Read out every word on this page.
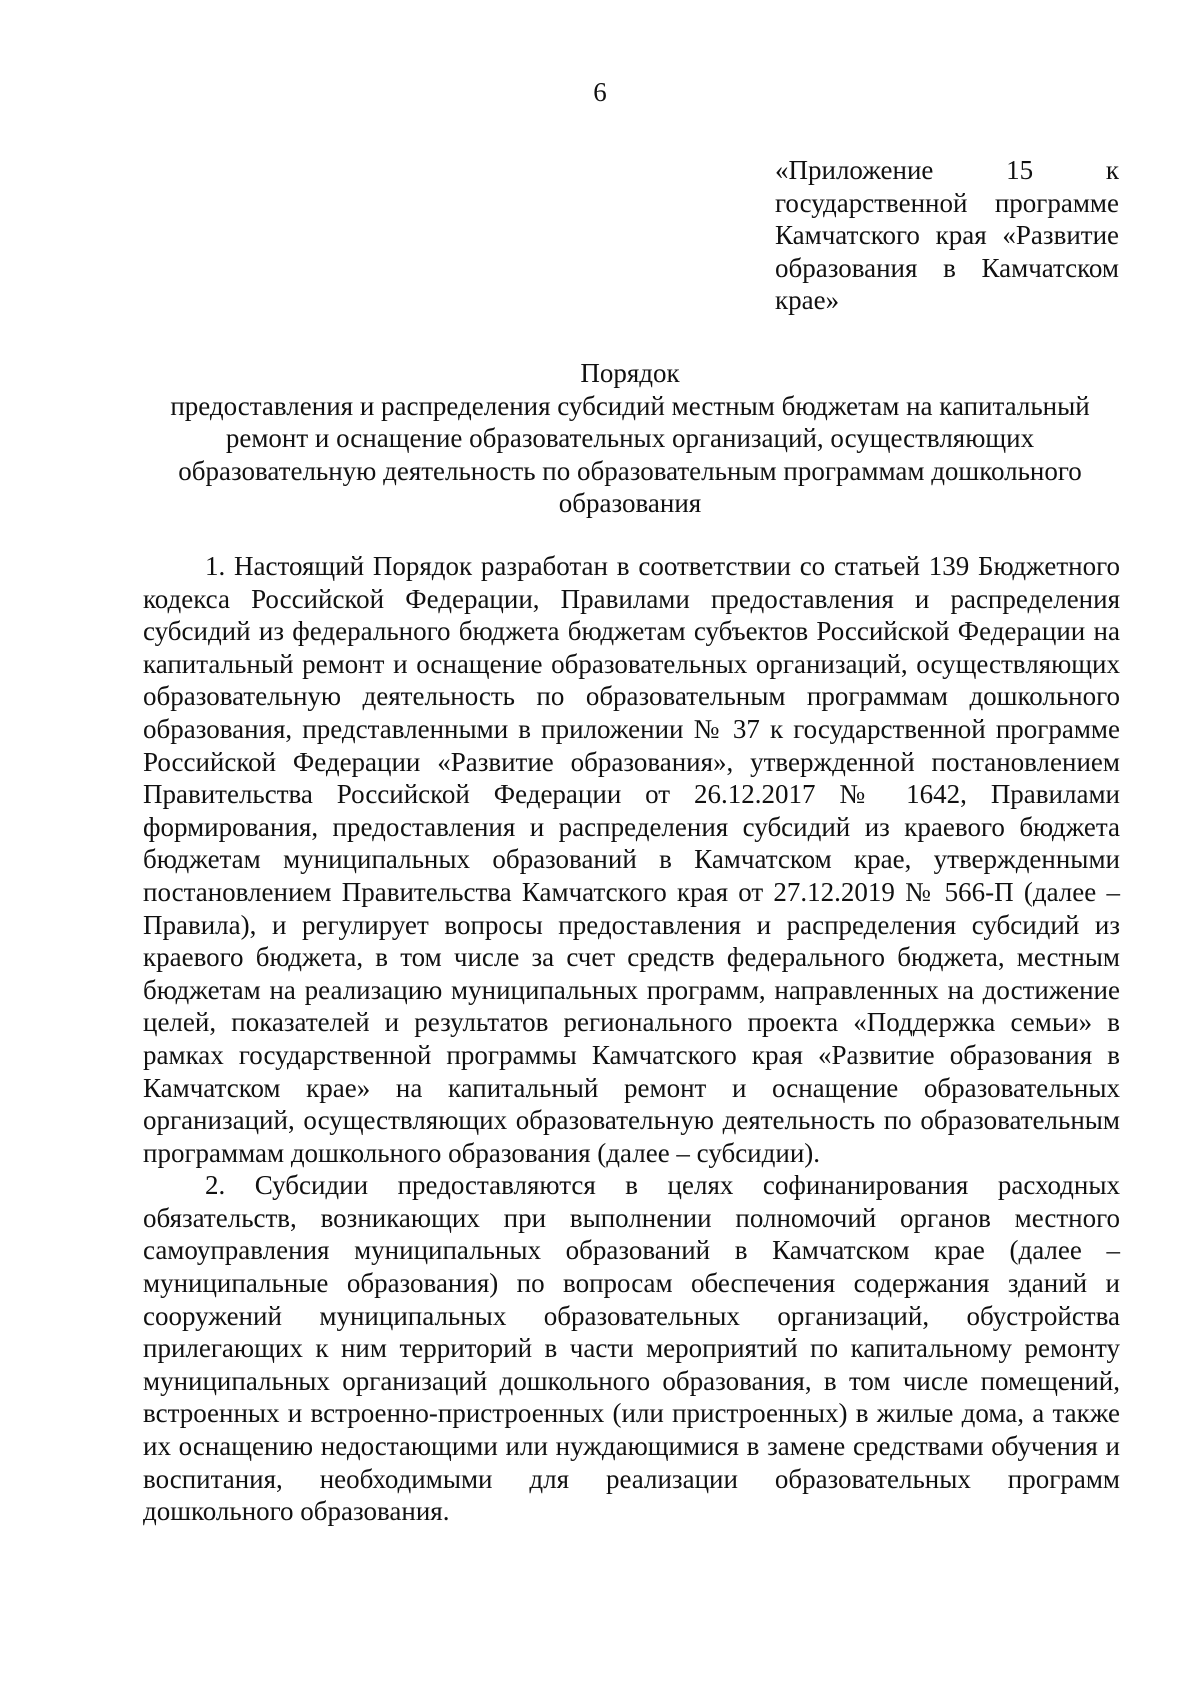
6
«Приложение 15 к государственной программе Камчатского края «Развитие образования в Камчатском крае»
Порядок
предоставления и распределения субсидий местным бюджетам на капитальный ремонт и оснащение образовательных организаций, осуществляющих образовательную деятельность по образовательным программам дошкольного образования

1. Настоящий Порядок разработан в соответствии со статьей 139 Бюджетного кодекса Российской Федерации, Правилами предоставления и распределения субсидий из федерального бюджета бюджетам субъектов Российской Федерации на капитальный ремонт и оснащение образовательных организаций, осуществляющих образовательную деятельность по образовательным программам дошкольного образования, представленными в приложении № 37 к государственной программе Российской Федерации «Развитие образования», утвержденной постановлением Правительства Российской Федерации от 26.12.2017 № 1642, Правилами формирования, предоставления и распределения субсидий из краевого бюджета бюджетам муниципальных образований в Камчатском крае, утвержденными постановлением Правительства Камчатского края от 27.12.2019 № 566-П (далее – Правила), и регулирует вопросы предоставления и распределения субсидий из краевого бюджета, в том числе за счет средств федерального бюджета, местным бюджетам на реализацию муниципальных программ, направленных на достижение целей, показателей и результатов регионального проекта «Поддержка семьи» в рамках государственной программы Камчатского края «Развитие образования в Камчатском крае» на капитальный ремонт и оснащение образовательных организаций, осуществляющих образовательную деятельность по образовательным программам дошкольного образования (далее – субсидии).

2. Субсидии предоставляются в целях софинанирования расходных обязательств, возникающих при выполнении полномочий органов местного самоуправления муниципальных образований в Камчатском крае (далее – муниципальные образования) по вопросам обеспечения содержания зданий и сооружений муниципальных образовательных организаций, обустройства прилегающих к ним территорий в части мероприятий по капитальному ремонту муниципальных организаций дошкольного образования, в том числе помещений, встроенных и встроенно-пристроенных (или пристроенных) в жилые дома, а также их оснащению недостающими или нуждающимися в замене средствами обучения и воспитания, необходимыми для реализации образовательных программ дошкольного образования.
